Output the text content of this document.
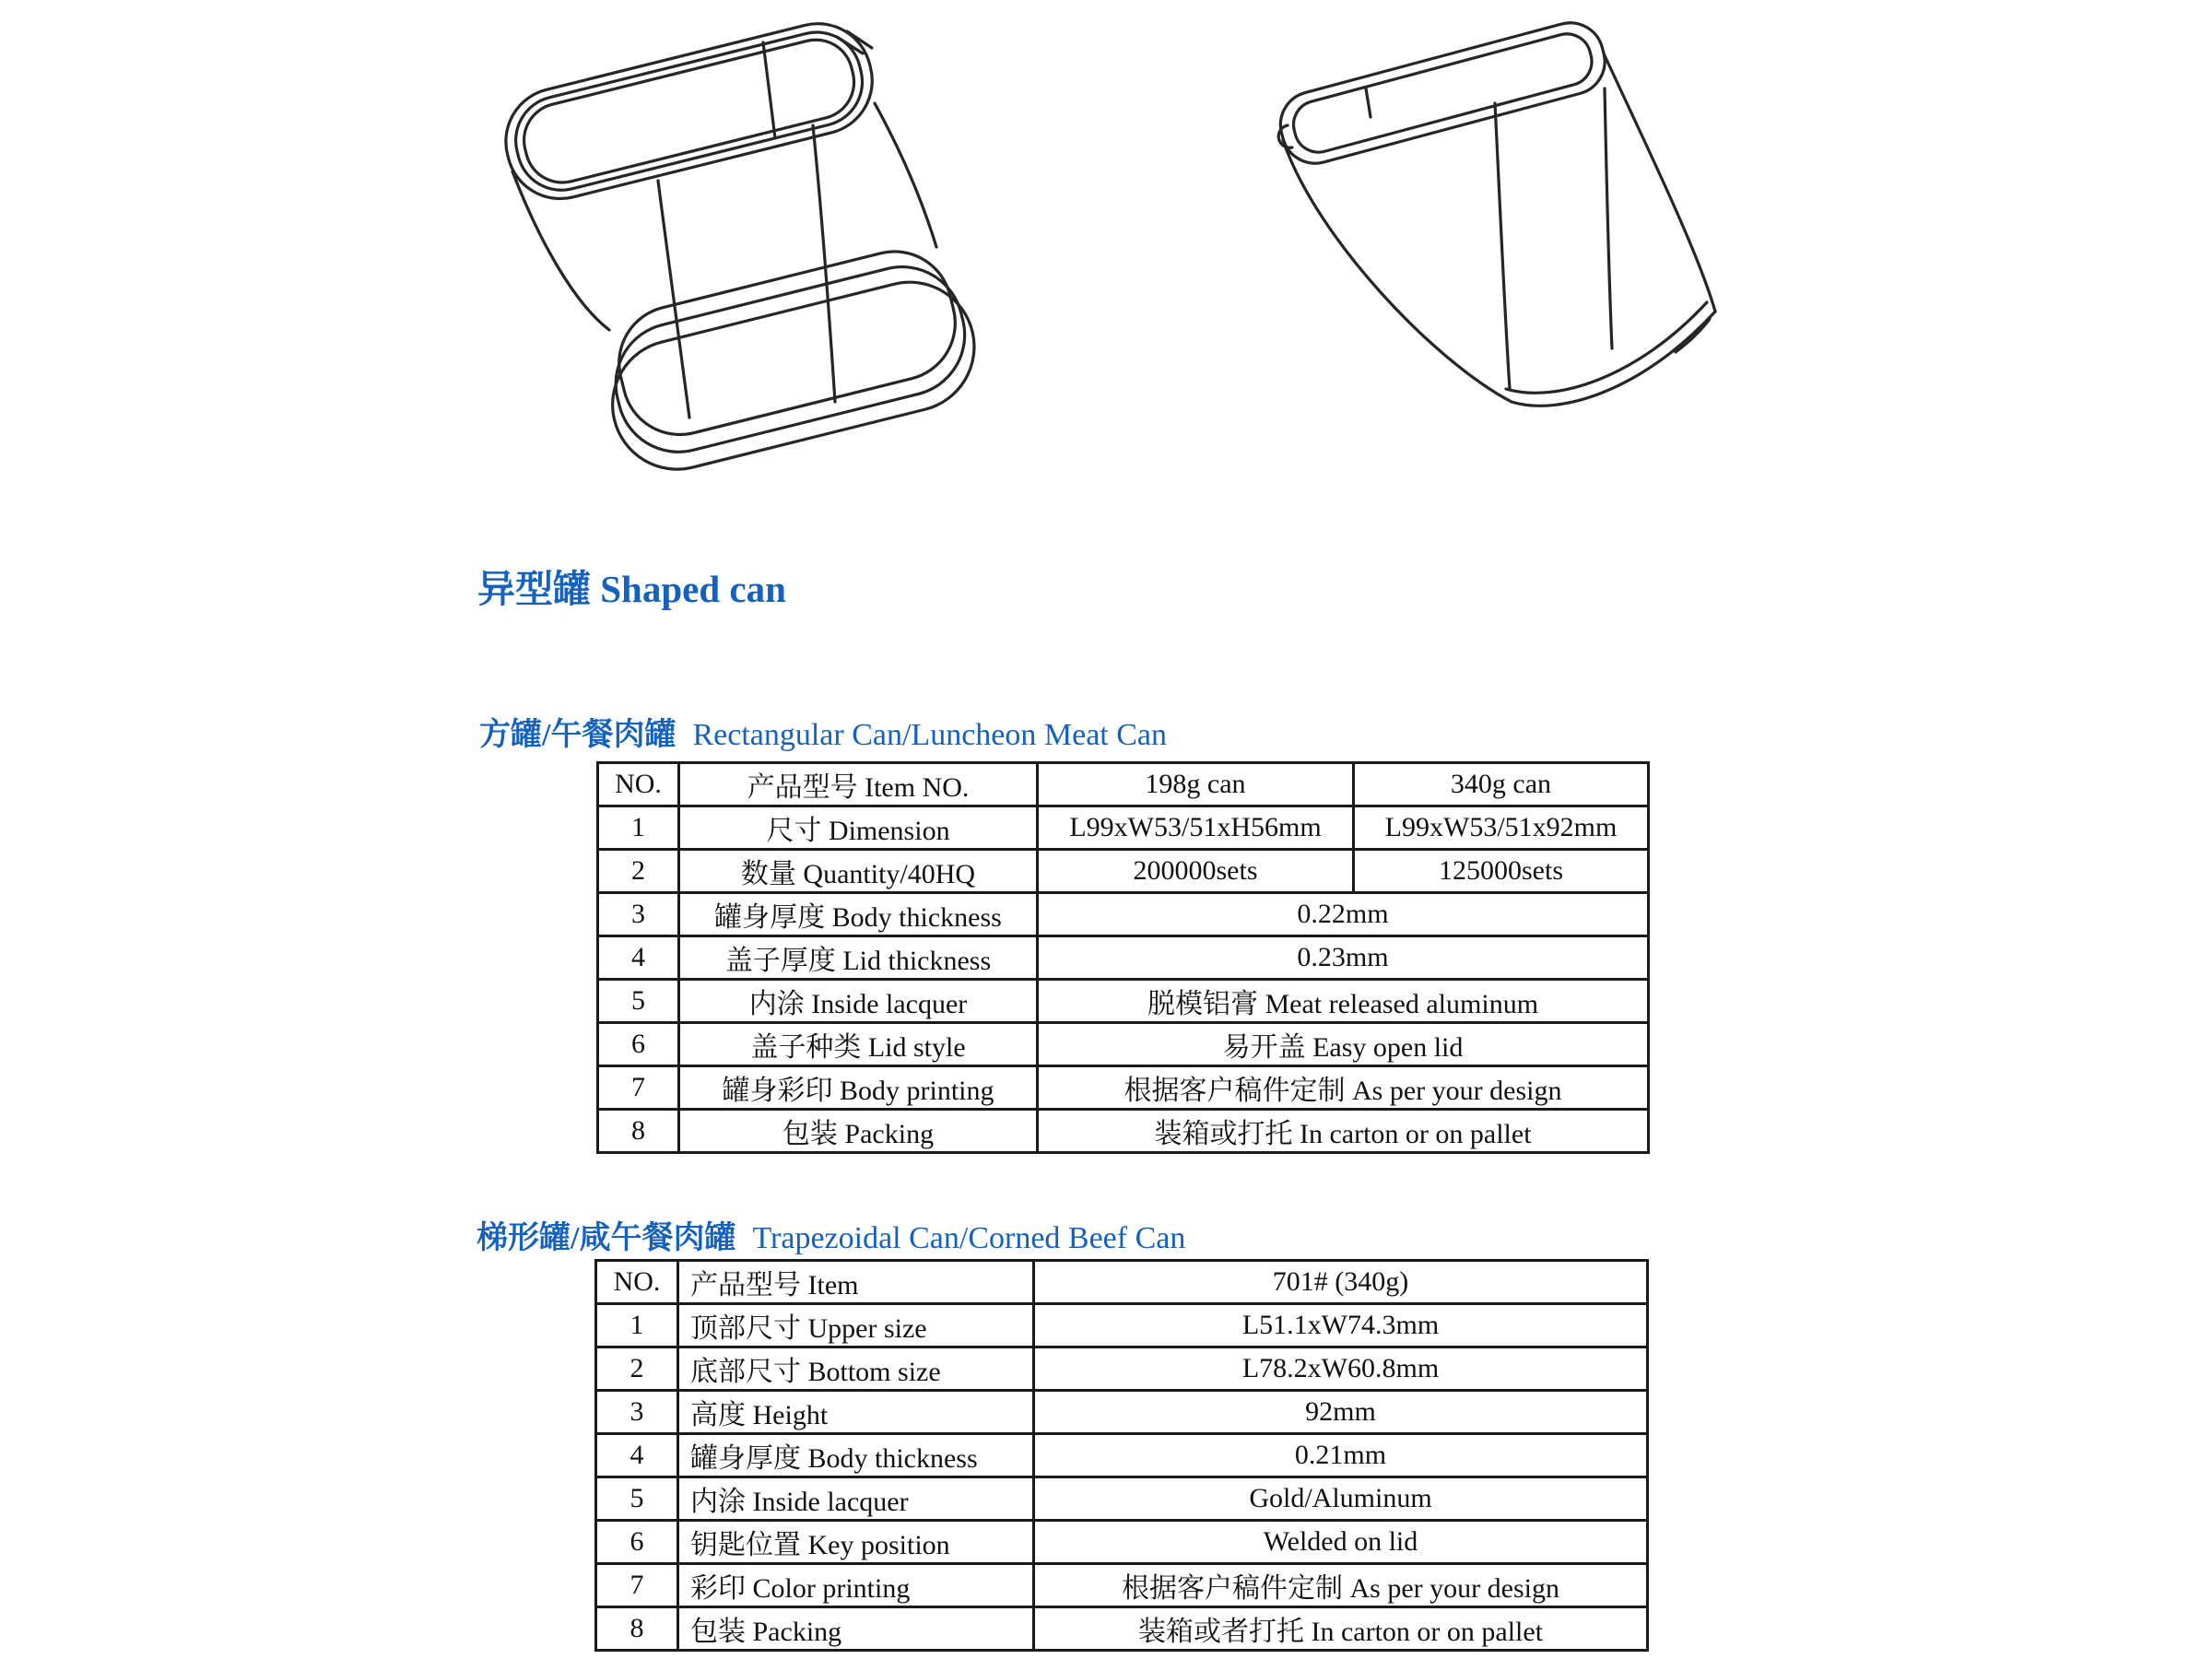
异型罐 Shaped can
方罐/午餐肉罐 Rectangular Can/Luncheon Meat Can
NO.	产品型号 Item NO.	198g can	340g can
1	尺寸 Dimension	L99xW53/51xH56mm	L99xW53/51x92mm
2	数量 Quantity/40HQ	200000sets	125000sets
3	罐身厚度 Body thickness	0.22mm	
4	盖子厚度 Lid thickness	0.23mm	
5	内涂 Inside lacquer	脱模铝膏 Meat released aluminum	
6	盖子种类 Lid style	易开盖 Easy open lid	
7	罐身彩印 Body printing	根据客户稿件定制 As per your design	
8	包装 Packing	装箱或打托 In carton or on pallet	
梯形罐/咸午餐肉罐 Trapezoidal Can/Corned Beef Can
NO.	产品型号 Item	701# (340g)
1	顶部尺寸 Upper size	L51.1xW74.3mm
2	底部尺寸 Bottom size	L78.2xW60.8mm
3	高度 Height	92mm
4	罐身厚度 Body thickness	0.21mm
5	内涂 Inside lacquer	Gold/Aluminum
6	钥匙位置 Key position	Welded on lid
7	彩印 Color printing	根据客户稿件定制 As per your design
8	包装 Packing	装箱或者打托 In carton or on pallet
